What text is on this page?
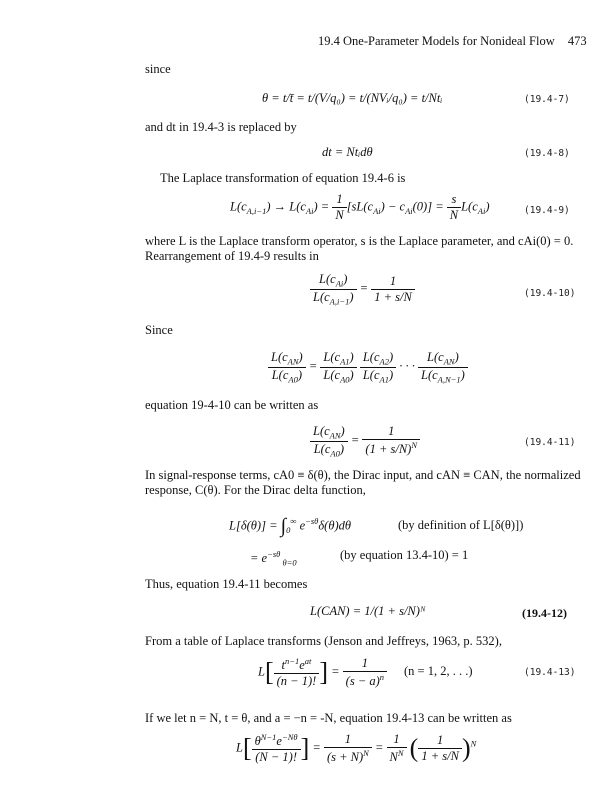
19.4 One-Parameter Models for Nonideal Flow 473
since
θ = t/t̄ = t/(V/q₀) = t/(NVᵢ/q₀) = t/Ntᵢ	(19.4-7)
and dt in 19.4-3 is replaced by
dt = Ntᵢdθ	(19.4-8)
The Laplace transformation of equation 19.4-6 is
$L(c_{A,i-1}) \to L(c_{Ai}) = \frac{1}{N} [sL(c_{Ai}) - c_{Ai}(0)] = \frac{s}{N} L(c_{Ai})$	(19.4-9)
where L is the Laplace transform operator, s is the Laplace parameter, and cAi(0) = 0.
Rearrangement of 19.4-9 results in
$\frac{L(c_{Ai})}{L(c_{A,i-1})} = \frac{1}{1 + s/N}$	(19.4-10)
Since
$\frac{L(c_{AN})}{L(c_{A0})} = \frac{L(c_{A1})}{L(c_{A0})}$
$\frac{L(c_{A2})}{L(c_{A1})}$ · · · $\frac{L(c_{AN})}{L(c_{A,N-1})}$
equation 19-4-10 can be written as
$\frac{L(c_{AN})}{L(c_{A0})} = \frac{1}{(1 + s/N)^N}$	(19.4-11)
In signal-response terms, cA0 ≡ δ(θ), the Dirac input, and cAN ≡ CAN, the normalized
response, C(θ). For the Dirac delta function,
$L[\delta(\theta)] = \int_0^\infty$ $e^{-s\theta}\delta(\theta)d\theta$	(by definition of L[δ(θ)])
= $e^{-s\theta}$ $_{\theta=0}$
(by equation 13.4-10) = 1
Thus, equation 19.4-11 becomes
L(CAN) = 1/(1 + s/N)ᴺ	(19.4-12)
From a table of Laplace transforms (Jenson and Jeffreys, 1963, p. 532),
$L[ \frac{t^{n-1}e^{at}}{(n - 1)!}$ ] = $\frac{1}{(s - a)^n} (n = 1$, 2, . . .)	(19.4-13)
If we let n = N, t = θ, and a = −n = -N, equation 19.4-13 can be written as
$L[ \frac{\theta^{N-1}e^{-N\theta}}{(N - 1)!}$ ] = $\frac{1}{(s + N)^N} = \frac{1}{N^N}$ ( $\frac{1}{1 + s/N} )^N$
